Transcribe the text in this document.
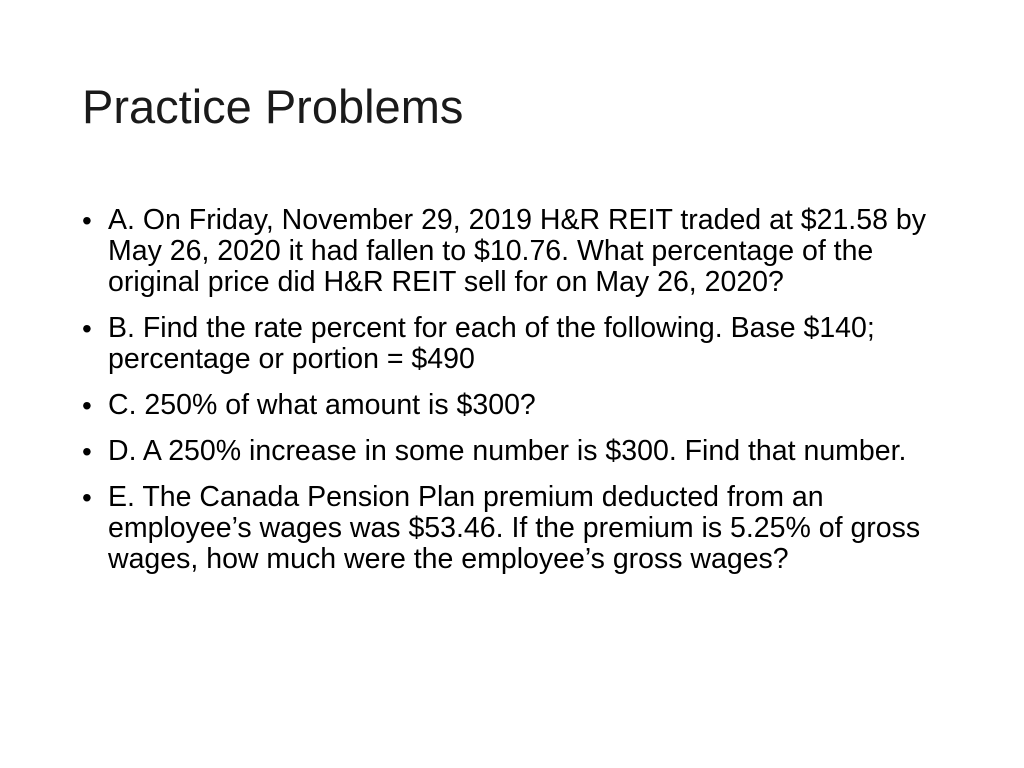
Practice Problems
• A. On Friday, November 29, 2019 H&R REIT traded at $21.58 by May 26, 2020 it had fallen to $10.76. What percentage of the original price did H&R REIT sell for on May 26, 2020?
• B. Find the rate percent for each of the following. Base $140; percentage or portion = $490
• C. 250% of what amount is $300?
• D. A 250% increase in some number is $300. Find that number.
• E. The Canada Pension Plan premium deducted from an employee’s wages was $53.46. If the premium is 5.25% of gross wages, how much were the employee’s gross wages?
